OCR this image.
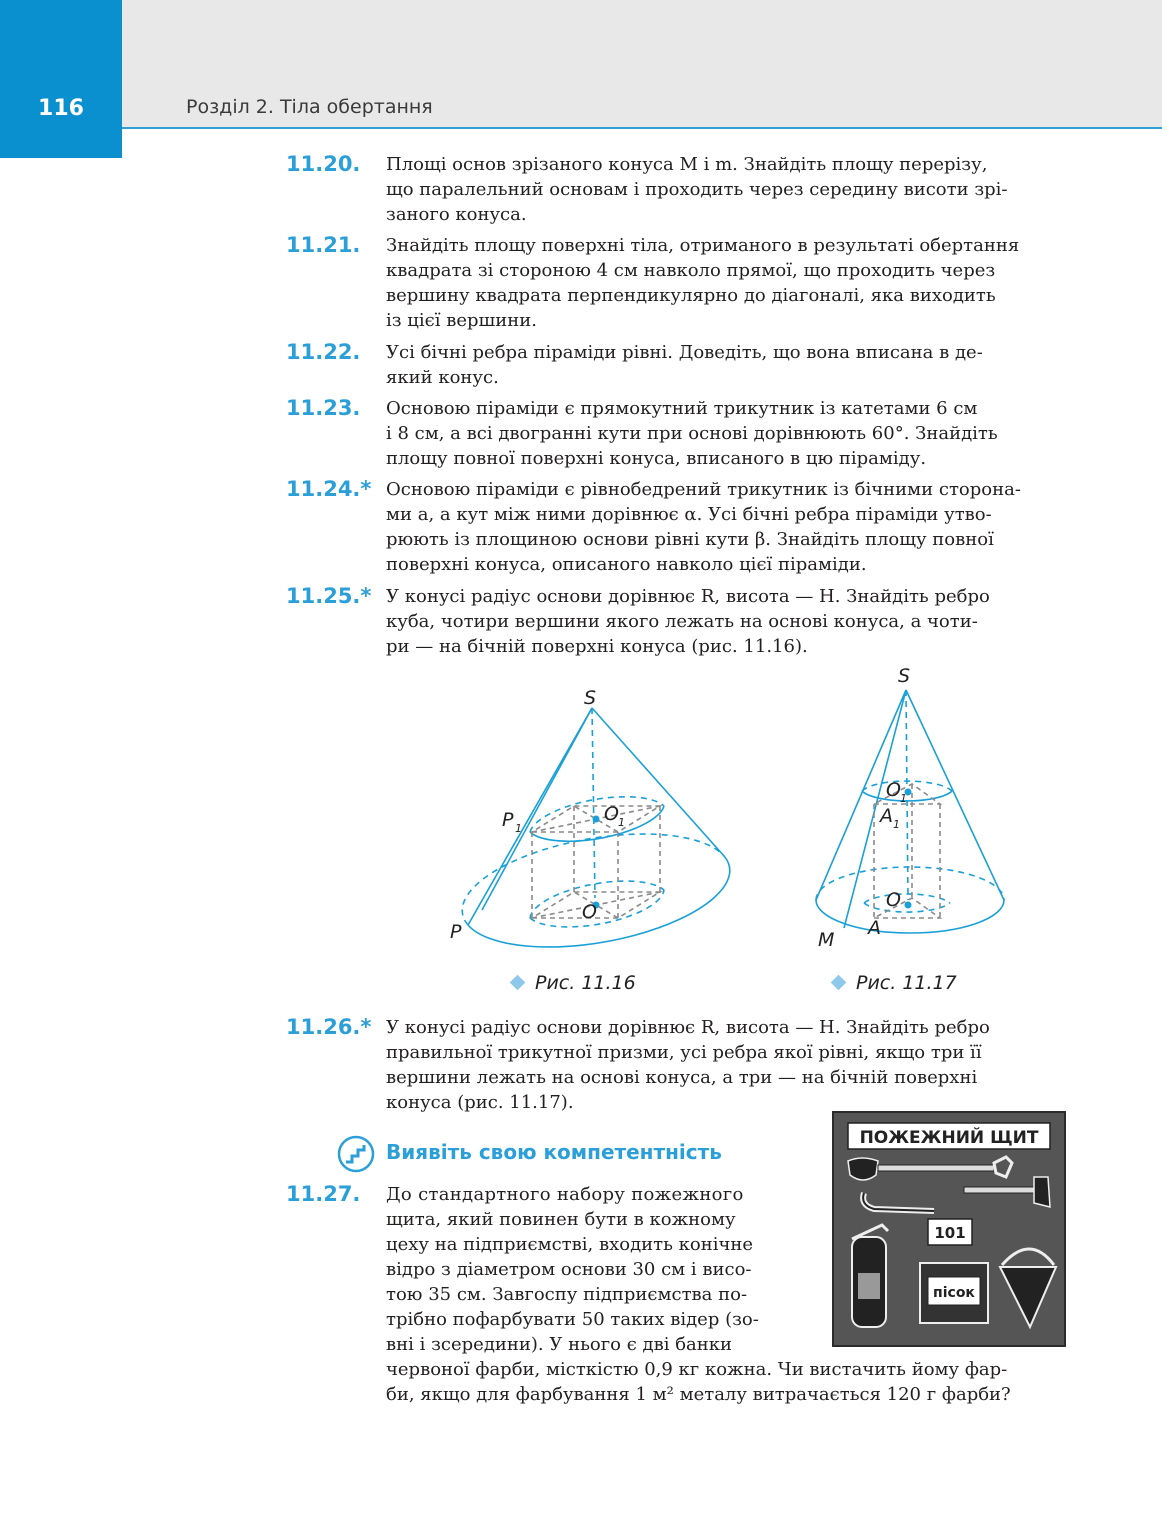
116	Розділ 2. Тіла обертання
11.20. Площі основ зрізаного конуса M і m. Знайдіть площу перерізу,
що паралельний основам і проходить через середину висоти зрі-
заного конуса.
11.21. Знайдіть площу поверхні тіла, отриманого в результаті обертання
квадрата зі стороною 4 см навколо прямої, що проходить через
вершину квадрата перпендикулярно до діагоналі, яка виходить
із цієї вершини.
11.22. Усі бічні ребра піраміди рівні. Доведіть, що вона вписана в де-
який конус.
11.23. Основою піраміди є прямокутний трикутник із катетами 6 см
і 8 см, а всі двогранні кути при основі дорівнюють 60°. Знайдіть
площу повної поверхні конуса, вписаного в цю піраміду.
11.24.* Основою піраміди є рівнобедрений трикутник із бічними сторона-
ми a, а кут між ними дорівнює α. Усі бічні ребра піраміди утво-
рюють із площиною основи рівні кути β. Знайдіть площу повної
поверхні конуса, описаного навколо цієї піраміди.
11.25.* У конусі радіус основи дорівнює R, висота — H. Знайдіть ребро
куба, чотири вершини якого лежать на основі конуса, а чоти-
ри — на бічній поверхні конуса (рис. 11.16).
S
P 1
O 1
O
P
Рис. 11.16
S
O 1
A 1
O
A
M
Рис. 11.17
11.26.* У конусі радіус основи дорівнює R, висота — H. Знайдіть ребро
правильної трикутної призми, усі ребра якої рівні, якщо три її
вершини лежать на основі конуса, а три — на бічній поверхні
конуса (рис. 11.17).
Виявіть свою компетентність
11.27. До стандартного набору пожежного
щита, який повинен бути в кожному
цеху на підприємстві, входить конічне
відро з діаметром основи 30 см і висо-
тою 35 см. Завгоспу підприємства по-
трібно пофарбувати 50 таких відер (зо-
вні і зсередини). У нього є дві банки
червоної фарби, місткістю 0,9 кг кожна. Чи вистачить йому фар-
би, якщо для фарбування 1 м² металу витрачається 120 г фарби?
ПОЖЕЖНИЙ ЩИТ
101
пісок
